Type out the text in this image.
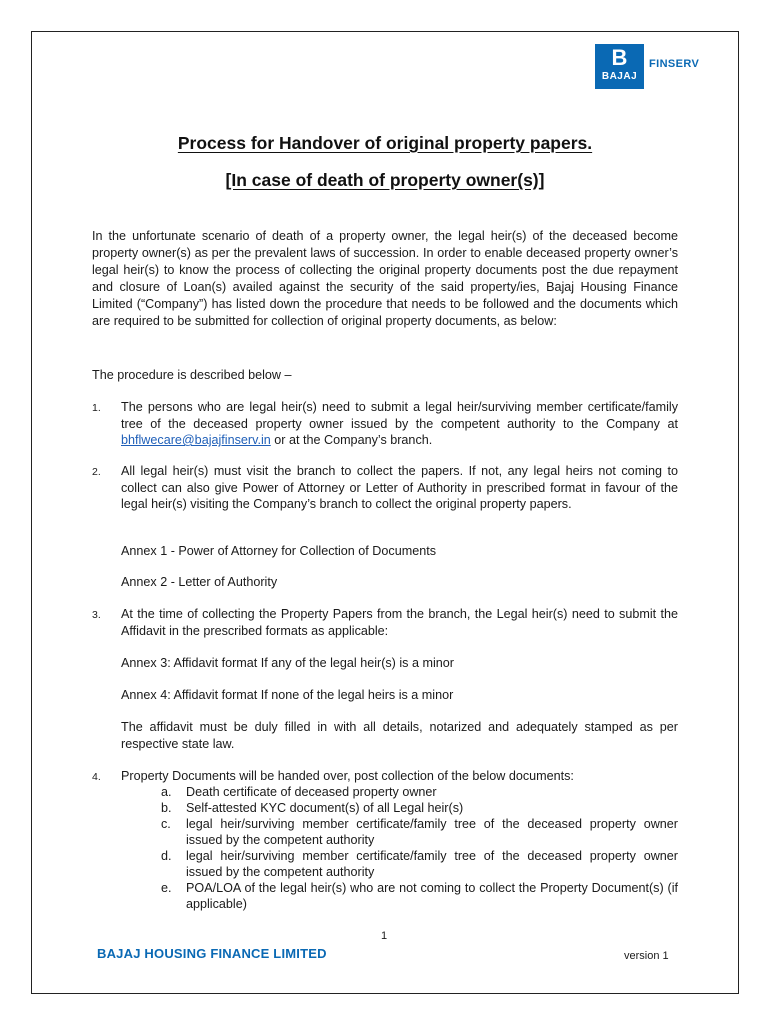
B
BAJAJ
FINSERV
Process for Handover of original property papers.
[In case of death of property owner(s)]
In the unfortunate scenario of death of a property owner, the legal heir(s) of the deceased become property owner(s) as per the prevalent laws of succession. In order to enable deceased property owner’s legal heir(s) to know the process of collecting the original property documents post the due repayment and closure of Loan(s) availed against the security of the said property/ies, Bajaj Housing Finance Limited (“Company”) has listed down the procedure that needs to be followed and the documents which are required to be submitted for collection of original property documents, as below:
The procedure is described below –
1. The persons who are legal heir(s) need to submit a legal heir/surviving member certificate/family tree of the deceased property owner issued by the competent authority to the Company at bhflwecare@bajajfinserv.in or at the Company’s branch.
2. All legal heir(s) must visit the branch to collect the papers. If not, any legal heirs not coming to collect can also give Power of Attorney or Letter of Authority in prescribed format in favour of the legal heir(s) visiting the Company’s branch to collect the original property papers.
Annex 1 - Power of Attorney for Collection of Documents
Annex 2 - Letter of Authority
3. At the time of collecting the Property Papers from the branch, the Legal heir(s) need to submit the Affidavit in the prescribed formats as applicable:
Annex 3: Affidavit format If any of the legal heir(s) is a minor
Annex 4: Affidavit format If none of the legal heirs is a minor
The affidavit must be duly filled in with all details, notarized and adequately stamped as per respective state law.
4. Property Documents will be handed over, post collection of the below documents:
a. Death certificate of deceased property owner
b. Self-attested KYC document(s) of all Legal heir(s)
c. legal heir/surviving member certificate/family tree of the deceased property owner issued by the competent authority
d. legal heir/surviving member certificate/family tree of the deceased property owner issued by the competent authority
e. POA/LOA of the legal heir(s) who are not coming to collect the Property Document(s) (if applicable)
1
BAJAJ HOUSING FINANCE LIMITED	version 1
